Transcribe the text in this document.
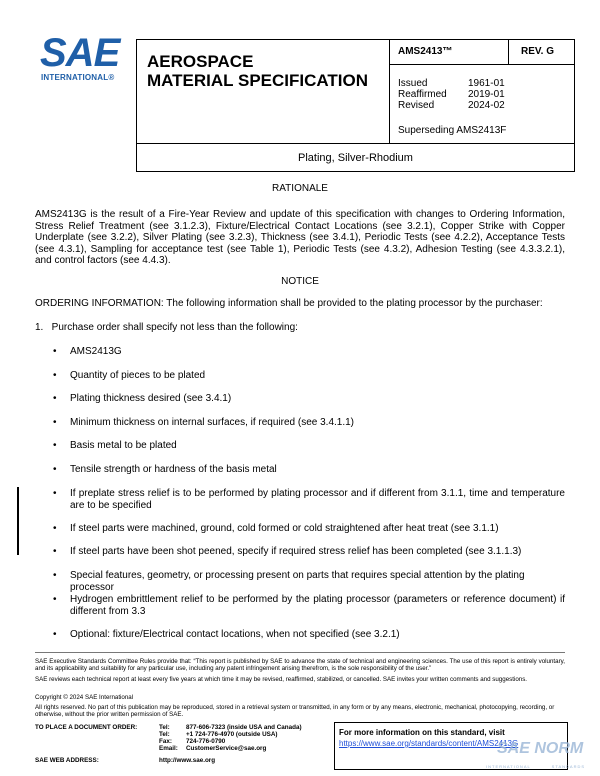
SAE
INTERNATIONAL®
AEROSPACE
MATERIAL SPECIFICATION
AMS2413™	REV. G
Issued	1961-01
Reaffirmed 2019-01
Revised	2024-02
Superseding AMS2413F
Plating, Silver-Rhodium
RATIONALE
AMS2413G is the result of a Fire-Year Review and update of this specification with changes to Ordering Information, Stress Relief Treatment (see 3.1.2.3), Fixture/Electrical Contact Locations (see 3.2.1), Copper Strike with Copper Underplate (see 3.2.2), Silver Plating (see 3.2.3), Thickness (see 3.4.1), Periodic Tests (see 4.2.2), Acceptance Tests (see 4.3.1), Sampling for acceptance test (see Table 1), Periodic Tests (see 4.3.2), Adhesion Testing (see 4.3.3.2.1), and control factors (see 4.4.3).
NOTICE
ORDERING INFORMATION: The following information shall be provided to the plating processor by the purchaser:
1.   Purchase order shall specify not less than the following:
• AMS2413G
• Quantity of pieces to be plated
• Plating thickness desired (see 3.4.1)
• Minimum thickness on internal surfaces, if required (see 3.4.1.1)
• Basis metal to be plated
• Tensile strength or hardness of the basis metal
• If preplate stress relief is to be performed by plating processor and if different from 3.1.1, time and temperature are to be specified
• If steel parts were machined, ground, cold formed or cold straightened after heat treat (see 3.1.1)
• If steel parts have been shot peened, specify if required stress relief has been completed (see 3.1.1.3)
• Special features, geometry, or processing present on parts that requires special attention by the plating processor
• Hydrogen embrittlement relief to be performed by the plating processor (parameters or reference document) if different from 3.3
• Optional: fixture/Electrical contact locations, when not specified (see 3.2.1)
SAE Executive Standards Committee Rules provide that: “This report is published by SAE to advance the state of technical and engineering sciences. The use of this report is entirely voluntary, and its applicability and suitability for any particular use, including any patent infringement arising therefrom, is the sole responsibility of the user.”
SAE reviews each technical report at least every five years at which time it may be revised, reaffirmed, stabilized, or cancelled. SAE invites your written comments and suggestions.
Copyright © 2024 SAE International
All rights reserved. No part of this publication may be reproduced, stored in a retrieval system or transmitted, in any form or by any means, electronic, mechanical, photocopying, recording, or otherwise, without the prior written permission of SAE.
TO PLACE A DOCUMENT ORDER:	Tel:	877-606-7323 (inside USA and Canada)
Tel:	+1 724-776-4970 (outside USA)
Fax: 724-776-0790
Email: CustomerService@sae.org
SAE WEB ADDRESS:	http://www.sae.org
For more information on this standard, visit
https://www.sae.org/standards/content/AMS2413G
SAE NORM
INTERNATIONAL          STANDARDS
